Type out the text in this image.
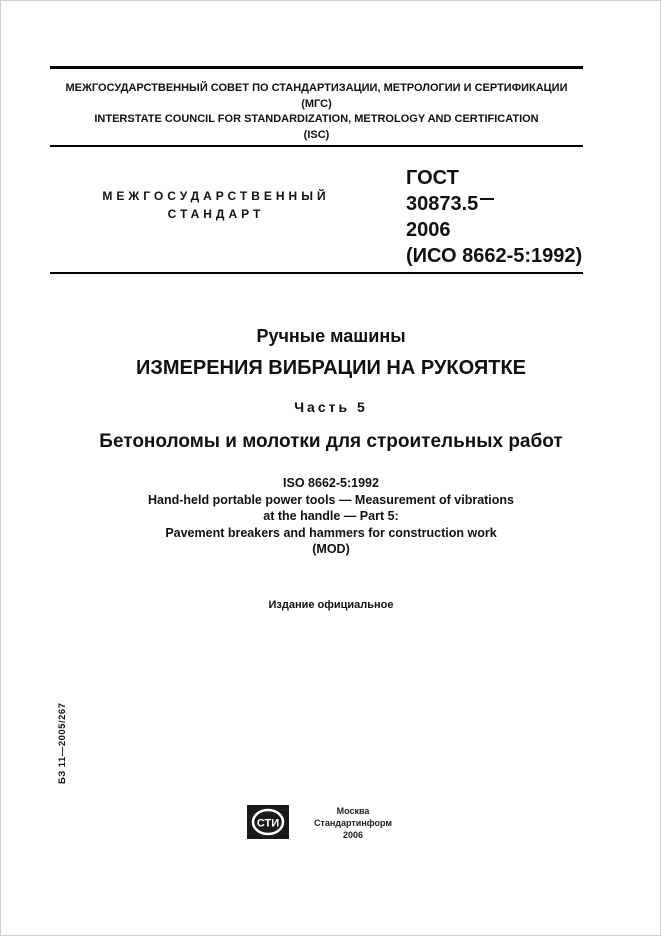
МЕЖГОСУДАРСТВЕННЫЙ СОВЕТ ПО СТАНДАРТИЗАЦИИ, МЕТРОЛОГИИ И СЕРТИФИКАЦИИ
(МГС)
INTERSTATE COUNCIL FOR STANDARDIZATION, METROLOGY AND CERTIFICATION
(ISC)
МЕЖГОСУДАРСТВЕННЫЙ
СТАНДАРТ
ГОСТ
30873.5
2006
(ИСО 8662-5:1992)
Ручные машины
ИЗМЕРЕНИЯ ВИБРАЦИИ НА РУКОЯТКЕ
Часть 5
Бетоноломы и молотки для строительных работ
ISO 8662-5:1992
Hand-held portable power tools — Measurement of vibrations
at the handle — Part 5:
Pavement breakers and hammers for construction work
(MOD)
Издание официальное
БЗ 11—2005/267
СТИ
Москва
Стандартинформ
2006
